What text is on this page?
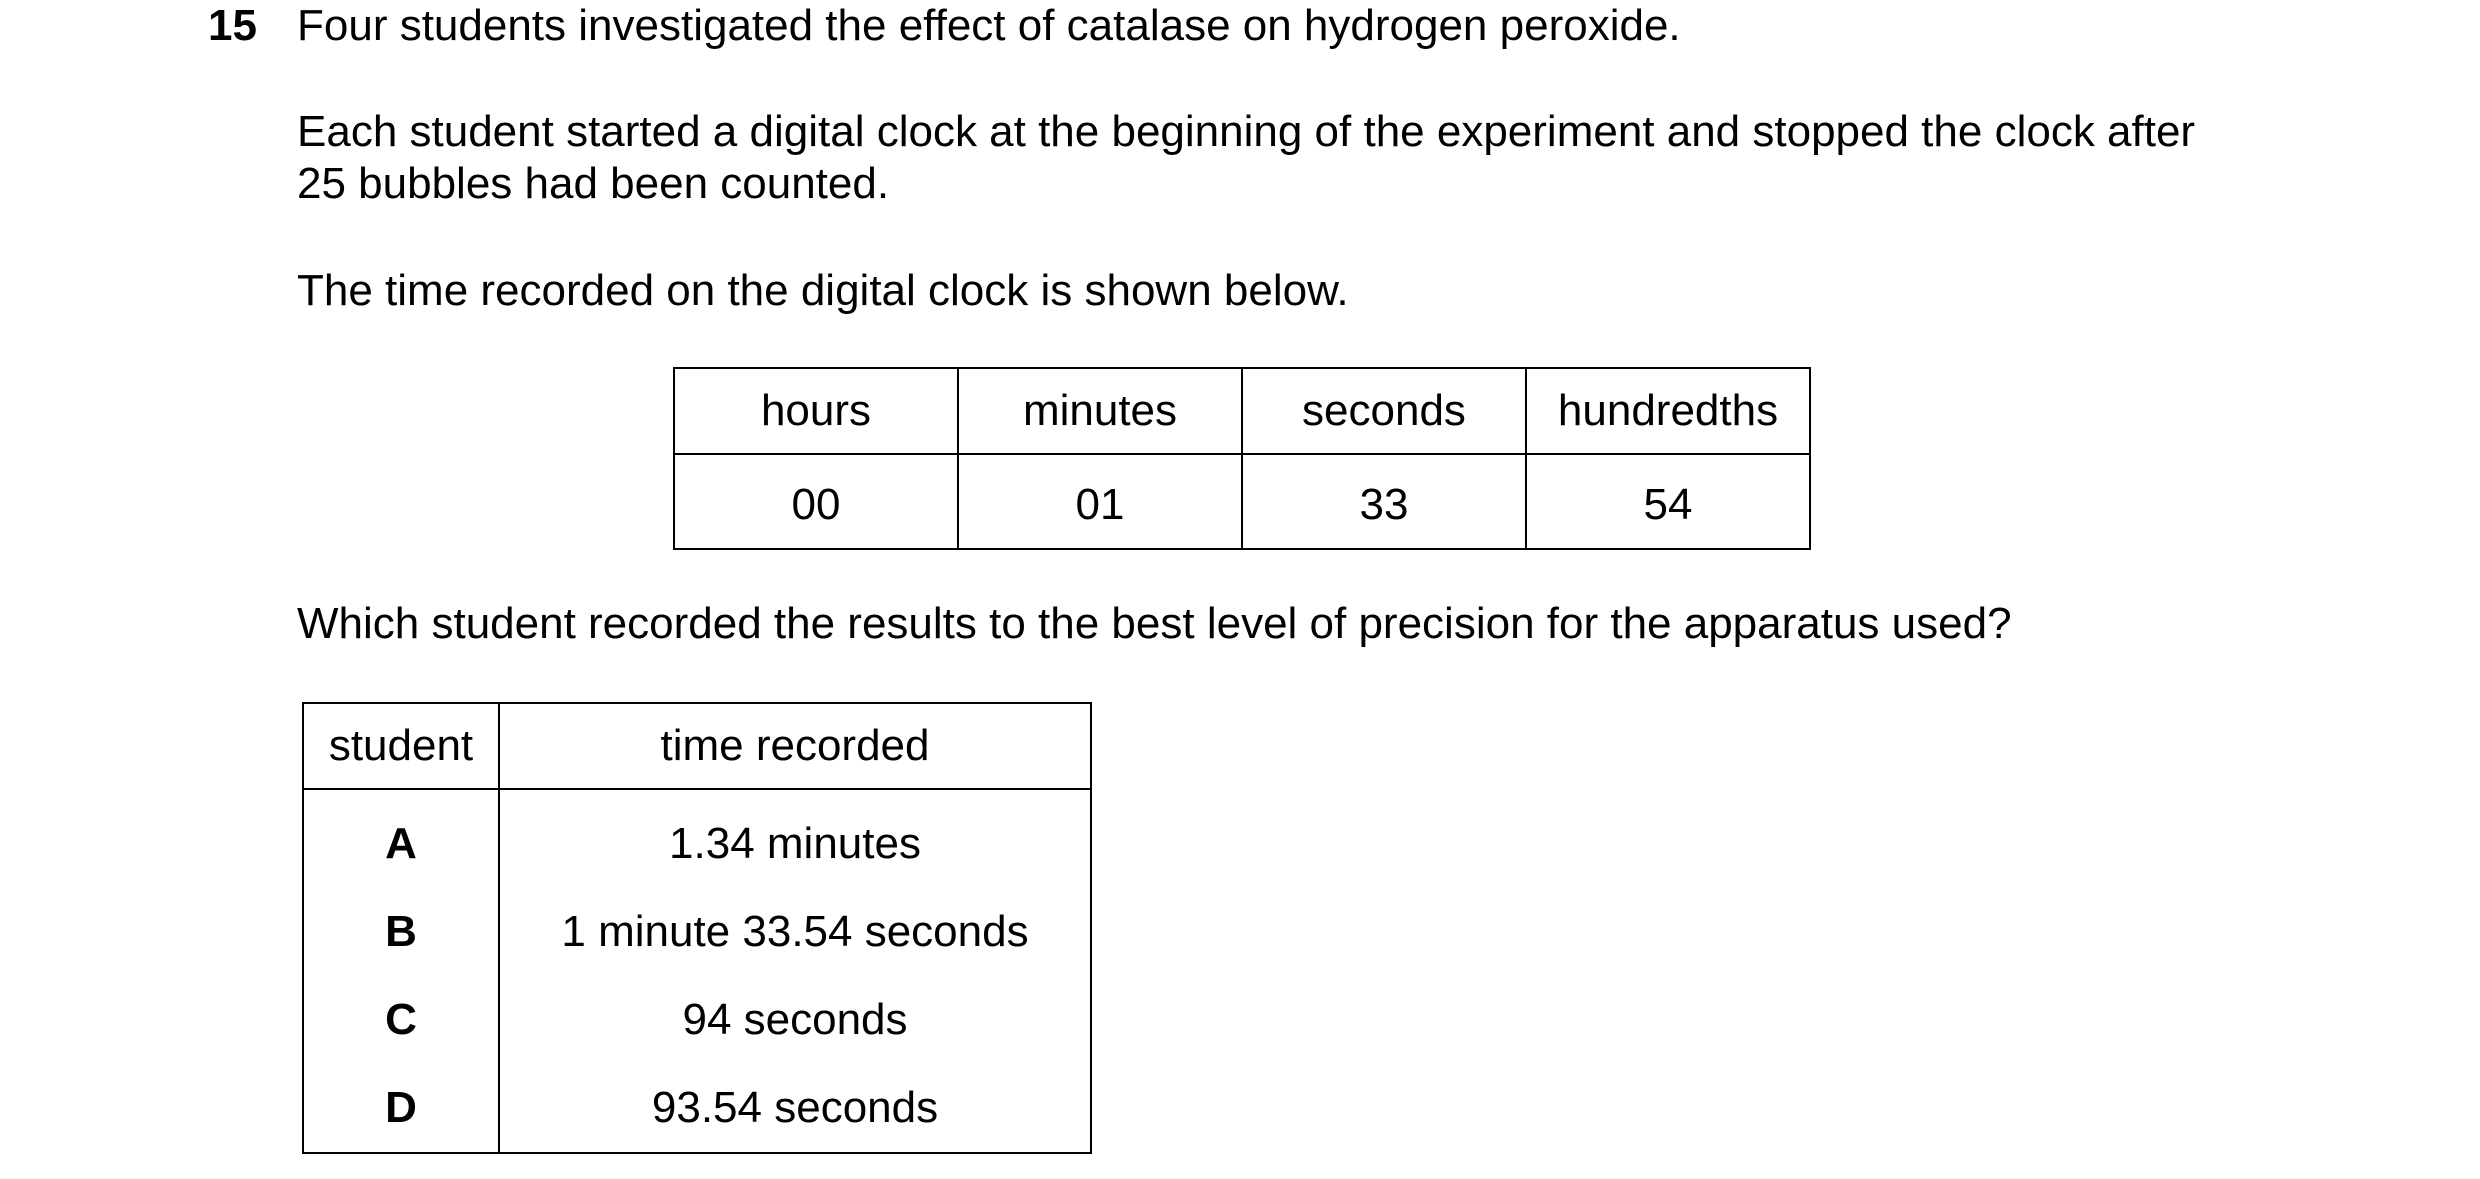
15 Four students investigated the effect of catalase on hydrogen peroxide.
Each student started a digital clock at the beginning of the experiment and stopped the clock after
25 bubbles had been counted.
The time recorded on the digital clock is shown below.
hours	minutes	seconds	hundredths
00	01	33	54
Which student recorded the results to the best level of precision for the apparatus used?
student	time recorded
A	1.34 minutes
B	1 minute 33.54 seconds
C	94 seconds
D	93.54 seconds
